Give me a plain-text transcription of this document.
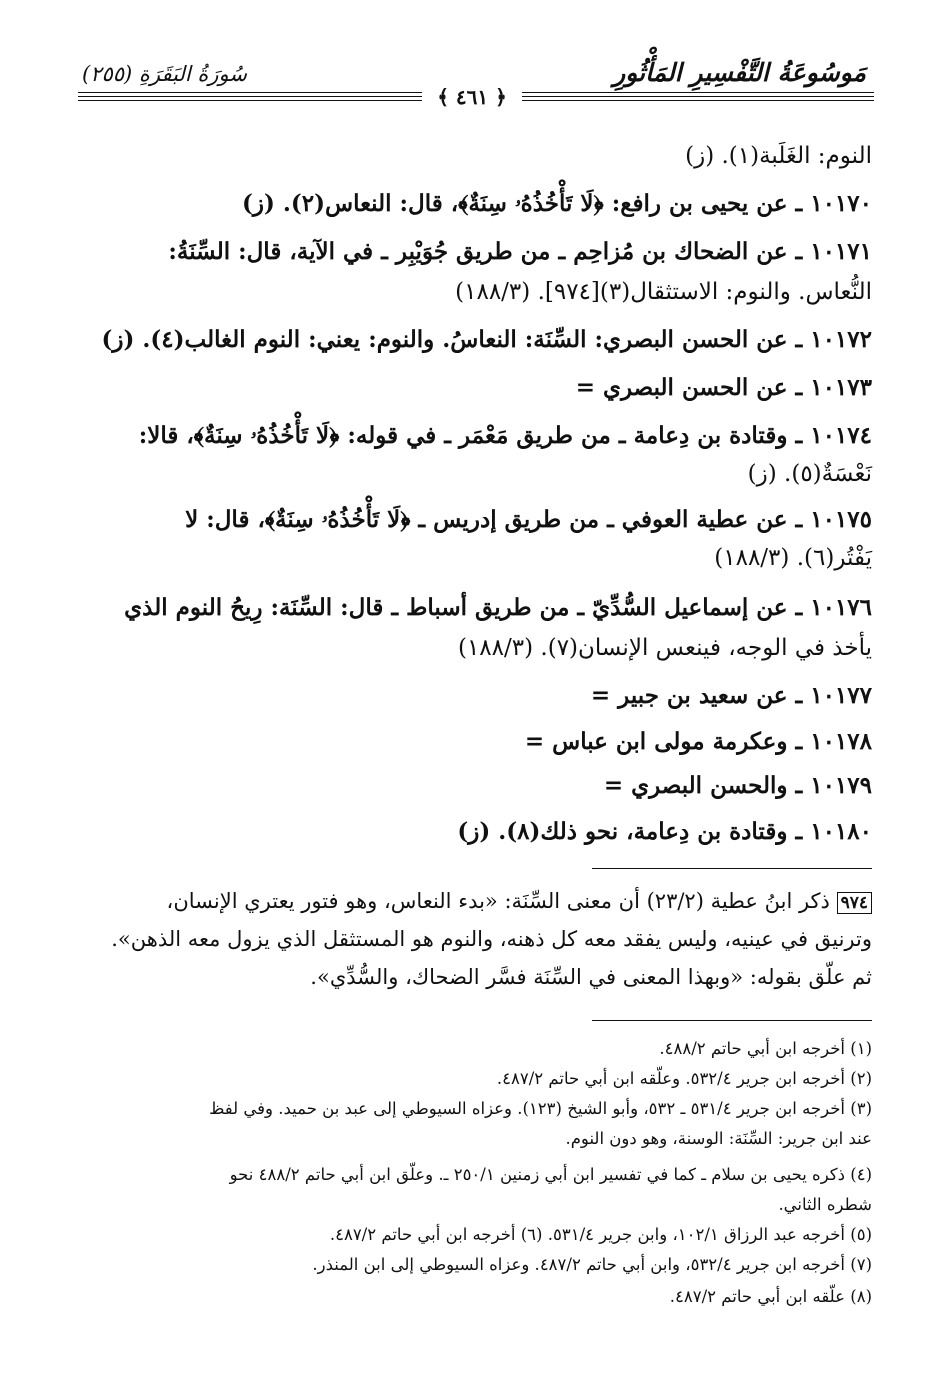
مَوسُوعَةُ التَّفْسِيرِ المَأْثُورِ
سُورَةُ البَقَرَةِ (٢٥٥)
﴿ ٤٦١ ﴾
النوم: الغَلَبة(١). (ز)
١٠١٧٠ ـ عن يحيى بن رافع: ﴿لَا تَأْخُذُهُۥ سِنَةٌ﴾، قال: النعاس(٢). (ز)
١٠١٧١ ـ عن الضحاك بن مُزاحِم ـ من طريق جُوَيْبِر ـ في الآية، قال: السِّنَةُ:
النُّعاس. والنوم: الاستثقال(٣)[٩٧٤]. (١٨٨/٣)
١٠١٧٢ ـ عن الحسن البصري: السِّنَة: النعاسُ. والنوم: يعني: النوم الغالب(٤). (ز)
١٠١٧٣ ـ عن الحسن البصري =
١٠١٧٤ ـ وقتادة بن دِعامة ـ من طريق مَعْمَر ـ في قوله: ﴿لَا تَأْخُذُهُۥ سِنَةٌ﴾، قالا:
نَعْسَةٌ(٥). (ز)
١٠١٧٥ ـ عن عطية العوفي ـ من طريق إدريس ـ ﴿لَا تَأْخُذُهُۥ سِنَةٌ﴾، قال: لا
يَفْتُر(٦). (١٨٨/٣)
١٠١٧٦ ـ عن إسماعيل السُّدِّيّ ـ من طريق أسباط ـ قال: السِّنَة: رِيحُ النوم الذي
يأخذ في الوجه، فينعس الإنسان(٧). (١٨٨/٣)
١٠١٧٧ ـ عن سعيد بن جبير =
١٠١٧٨ ـ وعكرمة مولى ابن عباس =
١٠١٧٩ ـ والحسن البصري =
١٠١٨٠ ـ وقتادة بن دِعامة، نحو ذلك(٨). (ز)
٩٧٤ ذكر ابنُ عطية (٢٣/٢) أن معنى السِّنَة: «بدء النعاس، وهو فتور يعتري الإنسان،
وترنيق في عينيه، وليس يفقد معه كل ذهنه، والنوم هو المستثقل الذي يزول معه الذهن».
ثم علّق بقوله: «وبهذا المعنى في السِّنَة فسَّر الضحاك، والسُّدِّي».
(١) أخرجه ابن أبي حاتم ٤٨٨/٢.
(٢) أخرجه ابن جرير ٥٣٢/٤. وعلّقه ابن أبي حاتم ٤٨٧/٢.
(٣) أخرجه ابن جرير ٥٣١/٤ ـ ٥٣٢، وأبو الشيخ (١٢٣). وعزاه السيوطي إلى عبد بن حميد. وفي لفظ
عند ابن جرير: السِّنَة: الوسنة، وهو دون النوم.
(٤) ذكره يحيى بن سلام ـ كما في تفسير ابن أبي زمنين ٢٥٠/١ ـ. وعلّق ابن أبي حاتم ٤٨٨/٢ نحو
شطره الثاني.
(٥) أخرجه عبد الرزاق ١٠٢/١، وابن جرير ٥٣١/٤. (٦) أخرجه ابن أبي حاتم ٤٨٧/٢.
(٧) أخرجه ابن جرير ٥٣٢/٤، وابن أبي حاتم ٤٨٧/٢. وعزاه السيوطي إلى ابن المنذر.
(٨) علّقه ابن أبي حاتم ٤٨٧/٢.
